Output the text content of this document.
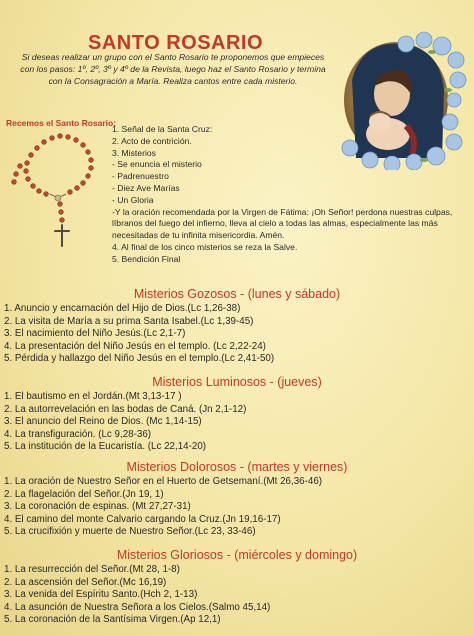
SANTO ROSARIO
Si deseas realizar un grupo con el Santo Rosario te proponemos que empieces con los pasos: 1º, 2º, 3º y 4º de la Revista, luego haz el Santo Rosario y termina con la Consagración a María. Realiza cantos entre cada misterio.
Recemos el Santo Rosario:
1. Señal de la Santa Cruz:
2. Acto de contrición.
3. Misterios
- Se enuncia el misterio
- Padrenuestro
- Diez Ave Marías
- Un Gloria
-Y la oración recomendada por la Virgen de Fátima: ¡Oh Señor! perdona nuestras culpas, líbranos del fuego del infierno, lleva al cielo a todas las almas, especialmente las más necesitadas de tu infinita misericordia. Amén.
4. Al final de los cinco misterios se reza la Salve.
5. Bendición Final
Misterios Gozosos - (lunes y sábado)
1. Anuncio y encarnación del Hijo de Dios.(Lc 1,26-38)
2. La visita de María a su prima Santa Isabel.(Lc 1,39-45)
3. El nacimiento del Niño Jesús.(Lc 2,1-7)
4. La presentación del Niño Jesús en el templo. (Lc 2,22-24)
5. Pérdida y hallazgo del Niño Jesús en el templo.(Lc 2,41-50)
Misterios Luminosos - (jueves)
1. El bautismo en el Jordán.(Mt 3,13-17 )
2. La autorrevelación en las bodas de Caná. (Jn 2,1-12)
3. El anuncio del Reino de Dios. (Mc 1,14-15)
4. La transfiguración. (Lc 9,28-36)
5. La institución de la Eucaristía. (Lc 22,14-20)
Misterios Dolorosos - (martes y viernes)
1. La oración de Nuestro Señor en el Huerto de Getsemaní.(Mt 26,36-46)
2. La flagelación del Señor.(Jn 19, 1)
3. La coronación de espinas. (Mt 27,27-31)
4. El camino del monte Calvario cargando la Cruz.(Jn 19,16-17)
5. La crucifixión y muerte de Nuestro Señor.(Lc 23, 33-46)
Misterios Gloriosos - (miércoles y domingo)
1. La resurrección del Señor.(Mt 28, 1-8)
2. La ascensión del Señor.(Mc 16,19)
3. La venida del Espíritu Santo.(Hch 2, 1-13)
4. La asunción de Nuestra Señora a los Cielos.(Salmo 45,14)
5. La coronación de la Santísima Virgen.(Ap 12,1)
